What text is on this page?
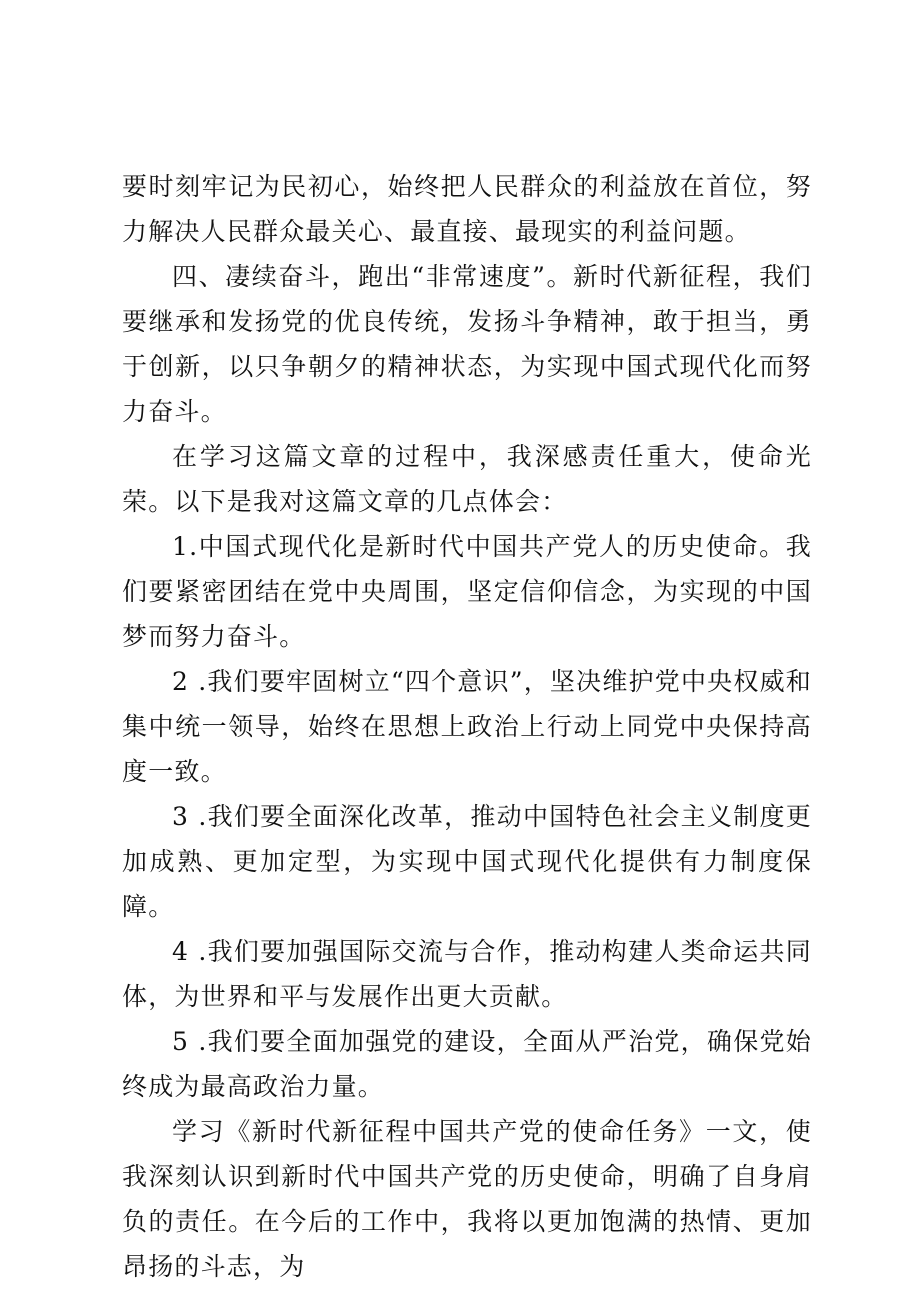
要时刻牢记为民初心，始终把人民群众的利益放在首位，努力解决人民群众最关心、最直接、最现实的利益问题。

四、凄续奋斗，跑出“非常速度”。新时代新征程，我们要继承和发扬党的优良传统，发扬斗争精神，敢于担当，勇于创新，以只争朝夕的精神状态，为实现中国式现代化而努力奋斗。

在学习这篇文章的过程中，我深感责任重大，使命光荣。以下是我对这篇文章的几点体会：

1.中国式现代化是新时代中国共产党人的历史使命。我们要紧密团结在党中央周围，坚定信仰信念，为实现的中国梦而努力奋斗。

2 .我们要牢固树立“四个意识”，坚决维护党中央权威和集中统一领导，始终在思想上政治上行动上同党中央保持高度一致。

3 .我们要全面深化改革，推动中国特色社会主义制度更加成熟、更加定型，为实现中国式现代化提供有力制度保障。

4 .我们要加强国际交流与合作，推动构建人类命运共同体，为世界和平与发展作出更大贡献。

5 .我们要全面加强党的建设，全面从严治党，确保党始终成为最高政治力量。

学习《新时代新征程中国共产党的使命任务》一文，使我深刻认识到新时代中国共产党的历史使命，明确了自身肩负的责任。在今后的工作中，我将以更加饱满的热情、更加昂扬的斗志，为
